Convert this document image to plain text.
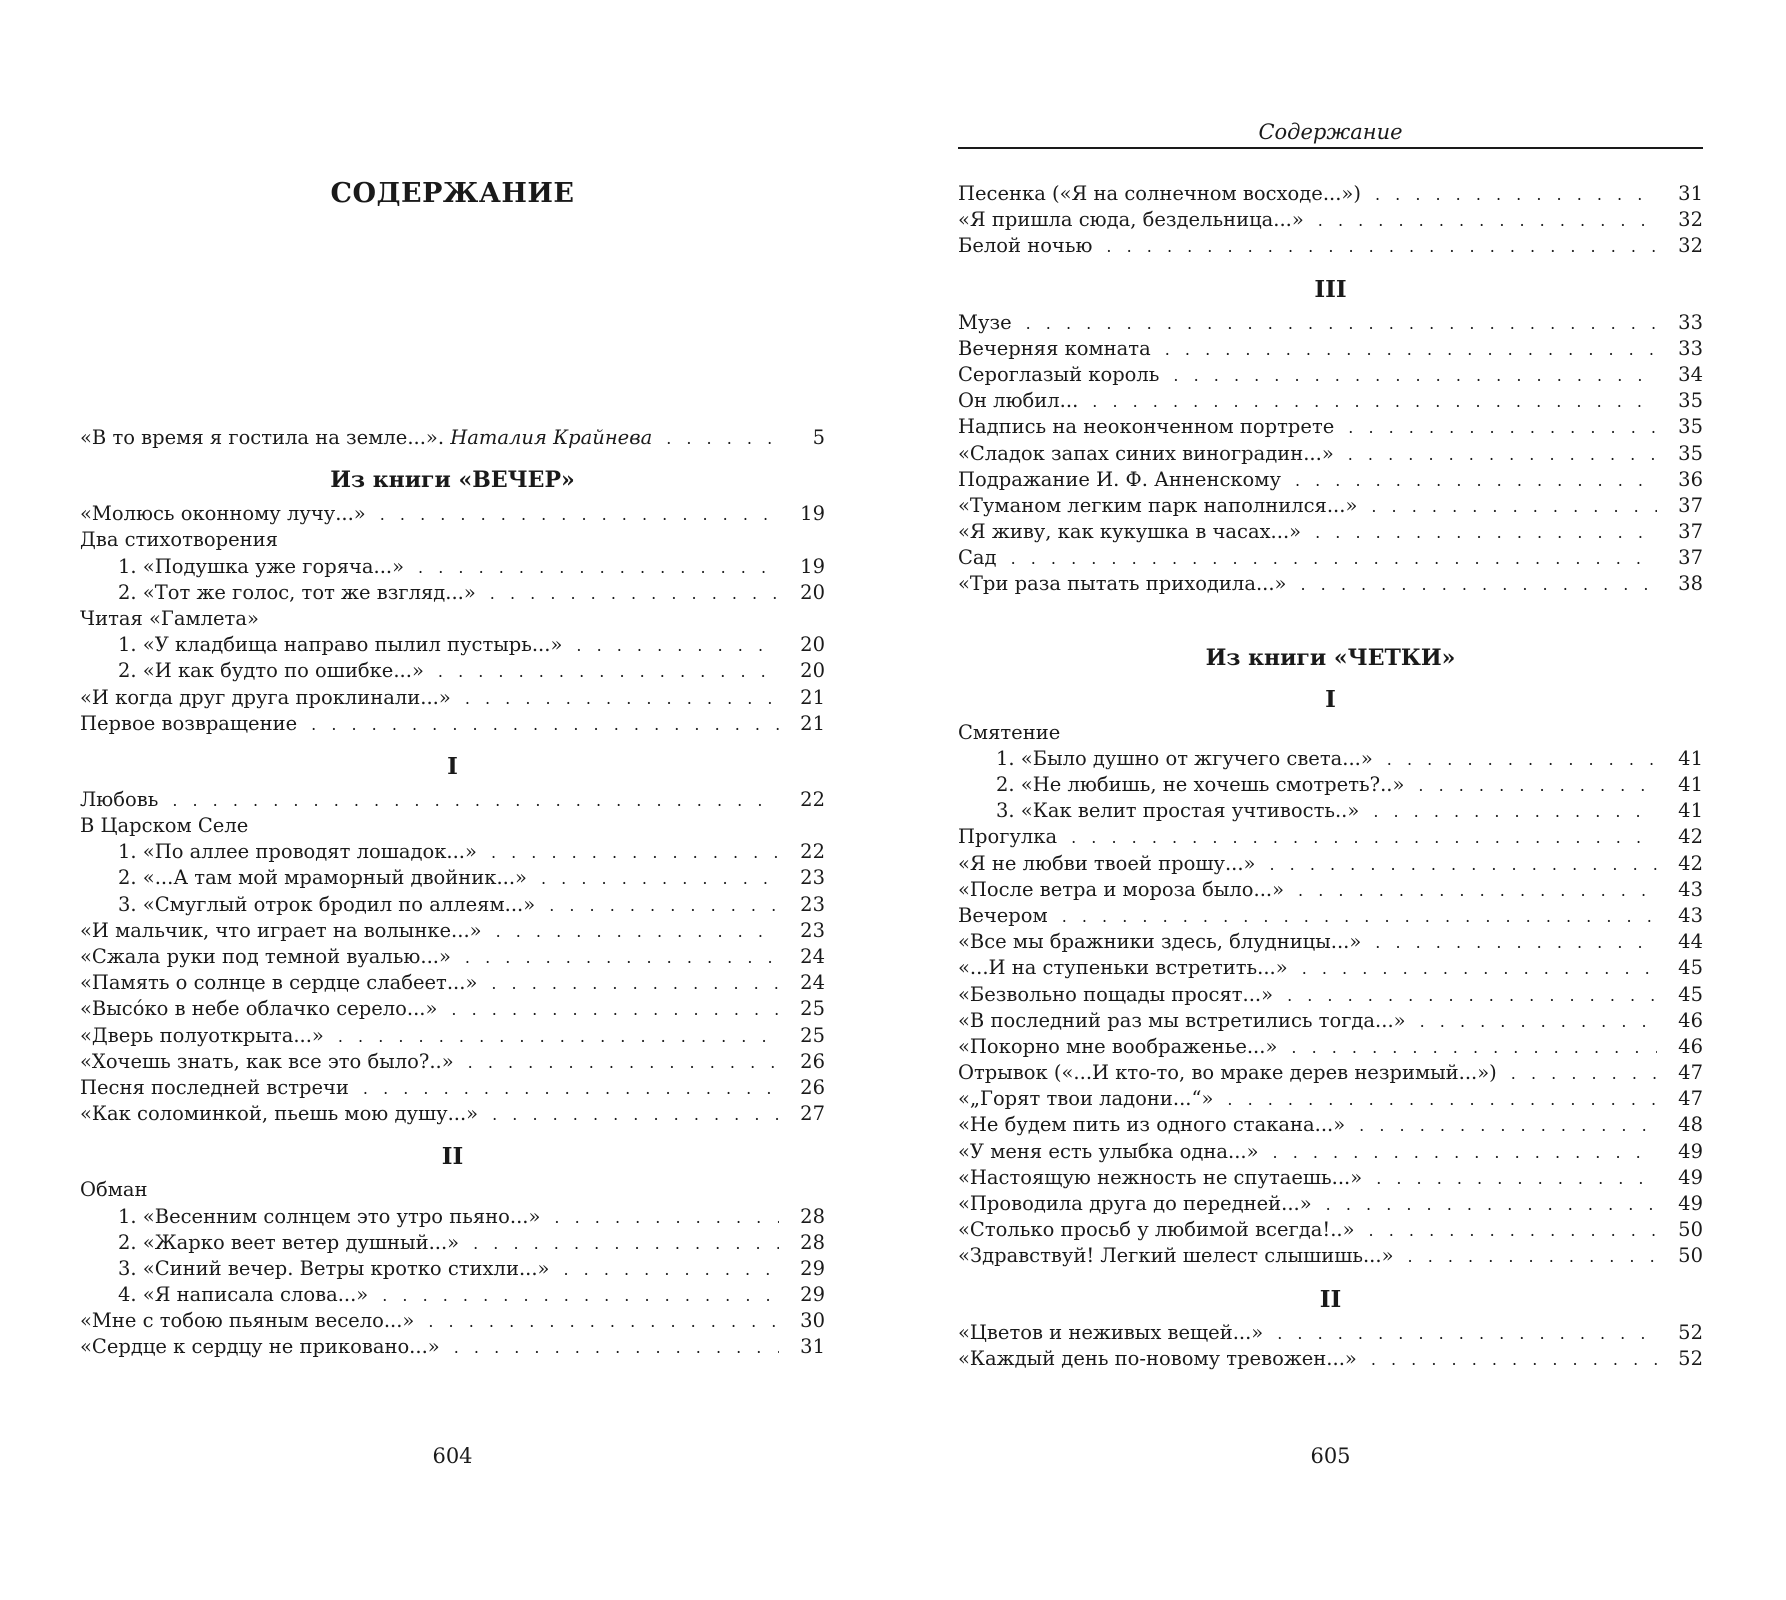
СОДЕРЖАНИЕ
«В то время я гостила на земле...». Наталия Крайнева . . .	5
Из книги «ВЕЧЕР»
«Молюсь оконному лучу...» . . .	19
Два стихотворения
1. «Подушка уже горяча...» . . .	19
2. «Тот же голос, тот же взгляд...» . . .	20
Читая «Гамлета»
1. «У кладбища направо пылил пустырь...» . . .	20
2. «И как будто по ошибке...» . . .	20
«И когда друг друга проклинали...» . . .	21
Первое возвращение . . .	21
I
Любовь . . .	22
В Царском Селе
1. «По аллее проводят лошадок...» . . .	22
2. «...А там мой мраморный двойник...» . . .	23
3. «Смуглый отрок бродил по аллеям...» . . .	23
«И мальчик, что играет на волынке...» . . .	23
«Сжала руки под темной вуалью...» . . .	24
«Память о солнце в сердце слабеет...» . . .	24
«Высóко в небе облачко серело...» . . .	25
«Дверь полуоткрыта...» . . .	25
«Хочешь знать, как все это было?..» . . .	26
Песня последней встречи . . .	26
«Как соломинкой, пьешь мою душу...» . . .	27
II
Обман
1. «Весенним солнцем это утро пьяно...» . . .	28
2. «Жарко веет ветер душный...» . . .	28
3. «Синий вечер. Ветры кротко стихли...» . . .	29
4. «Я написала слова...» . . .	29
«Мне с тобою пьяным весело...» . . .	30
«Сердце к сердцу не приковано...» . . .	31
604
Содержание
Песенка («Я на солнечном восходе...») . . .	31
«Я пришла сюда, бездельница...» . . .	32
Белой ночью . . .	32
III
Музе . . .	33
Вечерняя комната . . .	33
Сероглазый король . . .	34
Он любил... . . .	35
Надпись на неоконченном портрете . . .	35
«Сладок запах синих виноградин...» . . .	35
Подражание И. Ф. Анненскому . . .	36
«Туманом легким парк наполнился...» . . .	37
«Я живу, как кукушка в часах...» . . .	37
Сад . . .	37
«Три раза пытать приходила...» . . .	38
Из книги «ЧЕТКИ»
I
Смятение
1. «Было душно от жгучего света...» . . .	41
2. «Не любишь, не хочешь смотреть?..» . . .	41
3. «Как велит простая учтивость..» . . .	41
Прогулка . . .	42
«Я не любви твоей прошу...» . . .	42
«После ветра и мороза было...» . . .	43
Вечером . . .	43
«Все мы бражники здесь, блудницы...» . . .	44
«...И на ступеньки встретить...» . . .	45
«Безвольно пощады просят...» . . .	45
«В последний раз мы встретились тогда...» . . .	46
«Покорно мне воображенье...» . . .	46
Отрывок («...И кто-то, во мраке дерев незримый...») . . .	47
«„Горят твои ладони...“» . . .	47
«Не будем пить из одного стакана...» . . .	48
«У меня есть улыбка одна...» . . .	49
«Настоящую нежность не спутаешь...» . . .	49
«Проводила друга до передней...» . . .	49
«Столько просьб у любимой всегда!..» . . .	50
«Здравствуй! Легкий шелест слышишь...» . . .	50
II
«Цветов и неживых вещей...» . . .	52
«Каждый день по-новому тревожен...» . . .	52
605
